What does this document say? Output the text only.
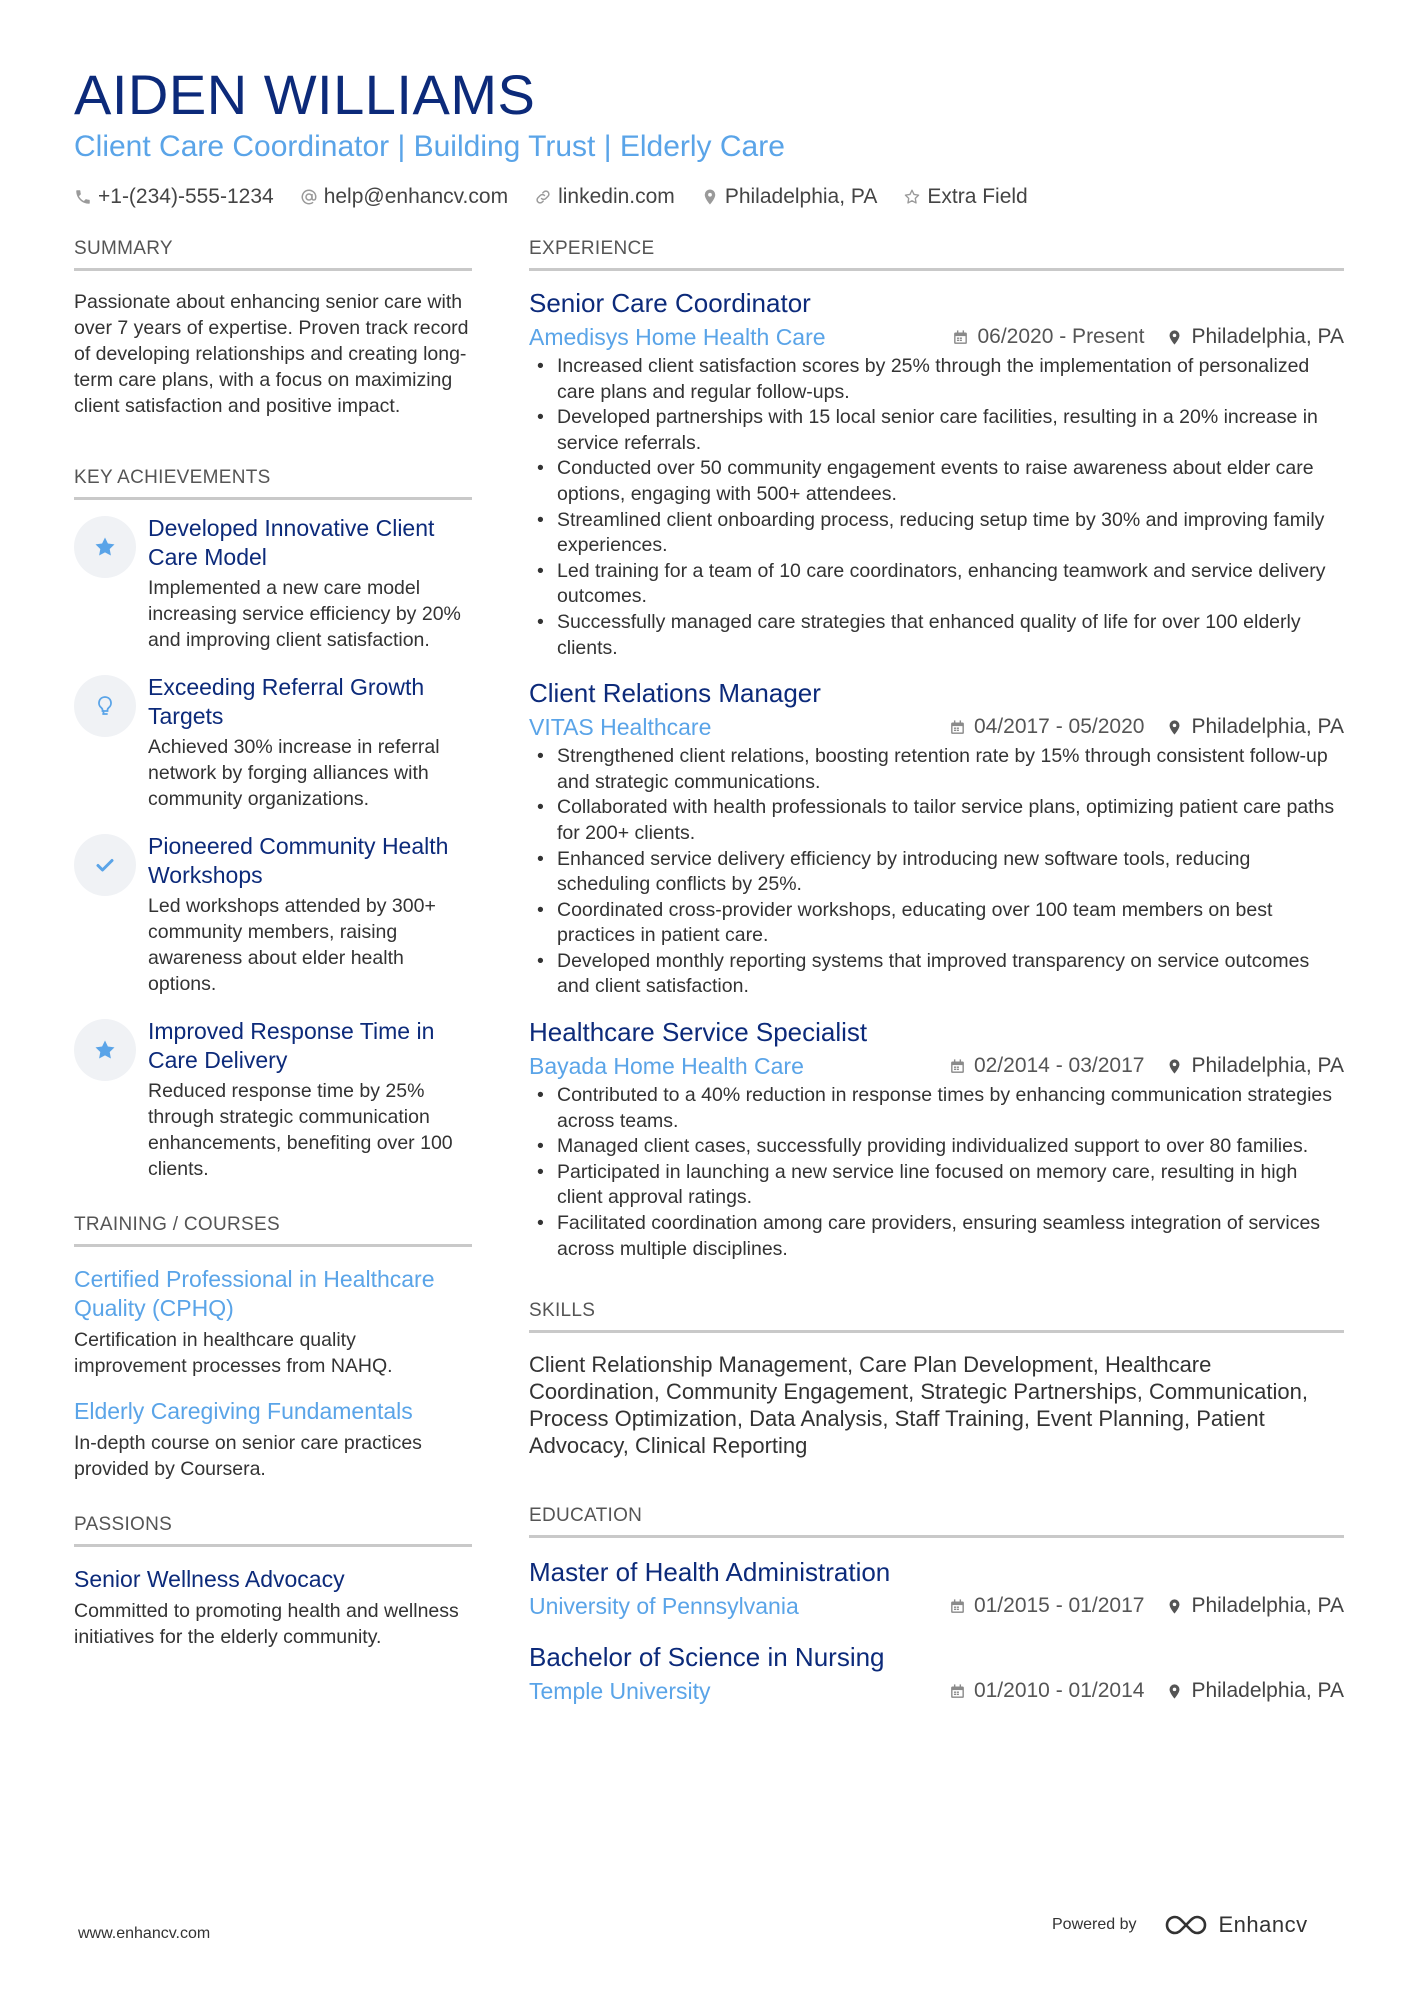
AIDEN WILLIAMS
Client Care Coordinator | Building Trust | Elderly Care
+1-(234)-555-1234 help@enhancv.com linkedin.com Philadelphia, PA Extra Field
SUMMARY
Passionate about enhancing senior care with over 7 years of expertise. Proven track record of developing relationships and creating long-term care plans, with a focus on maximizing client satisfaction and positive impact.
KEY ACHIEVEMENTS
Developed Innovative Client Care Model
Implemented a new care model increasing service efficiency by 20% and improving client satisfaction.
Exceeding Referral Growth Targets
Achieved 30% increase in referral network by forging alliances with community organizations.
Pioneered Community Health Workshops
Led workshops attended by 300+ community members, raising awareness about elder health options.
Improved Response Time in Care Delivery
Reduced response time by 25% through strategic communication enhancements, benefiting over 100 clients.
TRAINING / COURSES
Certified Professional in Healthcare Quality (CPHQ)
Certification in healthcare quality improvement processes from NAHQ.
Elderly Caregiving Fundamentals
In-depth course on senior care practices provided by Coursera.
PASSIONS
Senior Wellness Advocacy
Committed to promoting health and wellness initiatives for the elderly community.
EXPERIENCE
Senior Care Coordinator
Amedisys Home Health Care	06/2020 - Present Philadelphia, PA
• Increased client satisfaction scores by 25% through the implementation of personalized care plans and regular follow-ups.
• Developed partnerships with 15 local senior care facilities, resulting in a 20% increase in service referrals.
• Conducted over 50 community engagement events to raise awareness about elder care options, engaging with 500+ attendees.
• Streamlined client onboarding process, reducing setup time by 30% and improving family experiences.
• Led training for a team of 10 care coordinators, enhancing teamwork and service delivery outcomes.
• Successfully managed care strategies that enhanced quality of life for over 100 elderly clients.
Client Relations Manager
VITAS Healthcare	04/2017 - 05/2020 Philadelphia, PA
• Strengthened client relations, boosting retention rate by 15% through consistent follow-up and strategic communications.
• Collaborated with health professionals to tailor service plans, optimizing patient care paths for 200+ clients.
• Enhanced service delivery efficiency by introducing new software tools, reducing scheduling conflicts by 25%.
• Coordinated cross-provider workshops, educating over 100 team members on best practices in patient care.
• Developed monthly reporting systems that improved transparency on service outcomes and client satisfaction.
Healthcare Service Specialist
Bayada Home Health Care	02/2014 - 03/2017 Philadelphia, PA
• Contributed to a 40% reduction in response times by enhancing communication strategies across teams.
• Managed client cases, successfully providing individualized support to over 80 families.
• Participated in launching a new service line focused on memory care, resulting in high client approval ratings.
• Facilitated coordination among care providers, ensuring seamless integration of services across multiple disciplines.
SKILLS
Client Relationship Management, Care Plan Development, Healthcare Coordination, Community Engagement, Strategic Partnerships, Communication, Process Optimization, Data Analysis, Staff Training, Event Planning, Patient Advocacy, Clinical Reporting
EDUCATION
Master of Health Administration
University of Pennsylvania	01/2015 - 01/2017 Philadelphia, PA
Bachelor of Science in Nursing
Temple University	01/2010 - 01/2014 Philadelphia, PA
www.enhancv.com
Powered by	Enhancv
